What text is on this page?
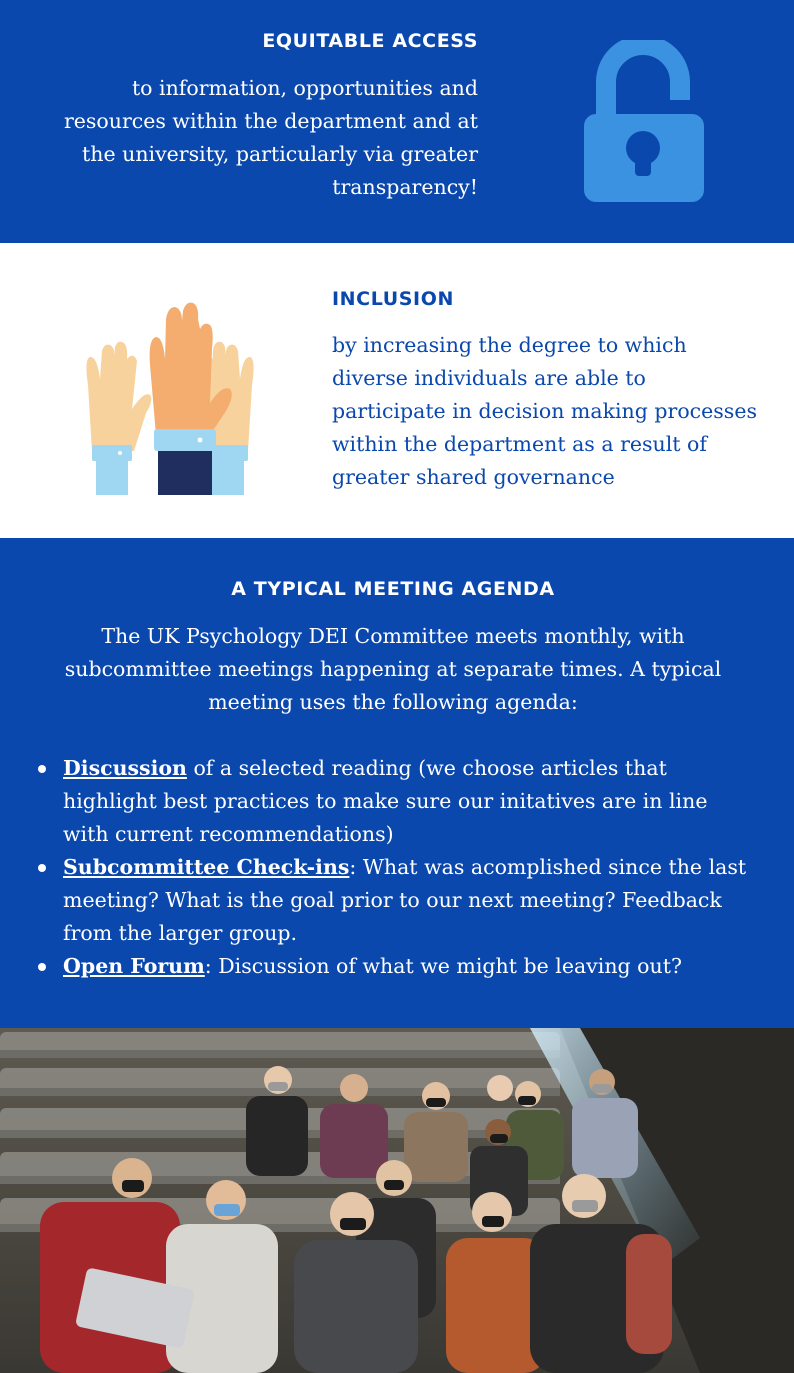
EQUITABLE ACCESS

to information, opportunities and resources within the department and at the university, particularly via greater transparency!

INCLUSION

by increasing the degree to which diverse individuals are able to participate in decision making processes within the department as a result of greater shared governance

A TYPICAL MEETING AGENDA

The UK Psychology DEI Committee meets monthly, with subcommittee meetings happening at separate times. A typical meeting uses the following agenda:

Discussion of a selected reading (we choose articles that highlight best practices to make sure our initatives are in line with current recommendations)
Subcommittee Check-ins: What was acomplished since the last meeting? What is the goal prior to our next meeting? Feedback from the larger group.
Open Forum: Discussion of what we might be leaving out?
